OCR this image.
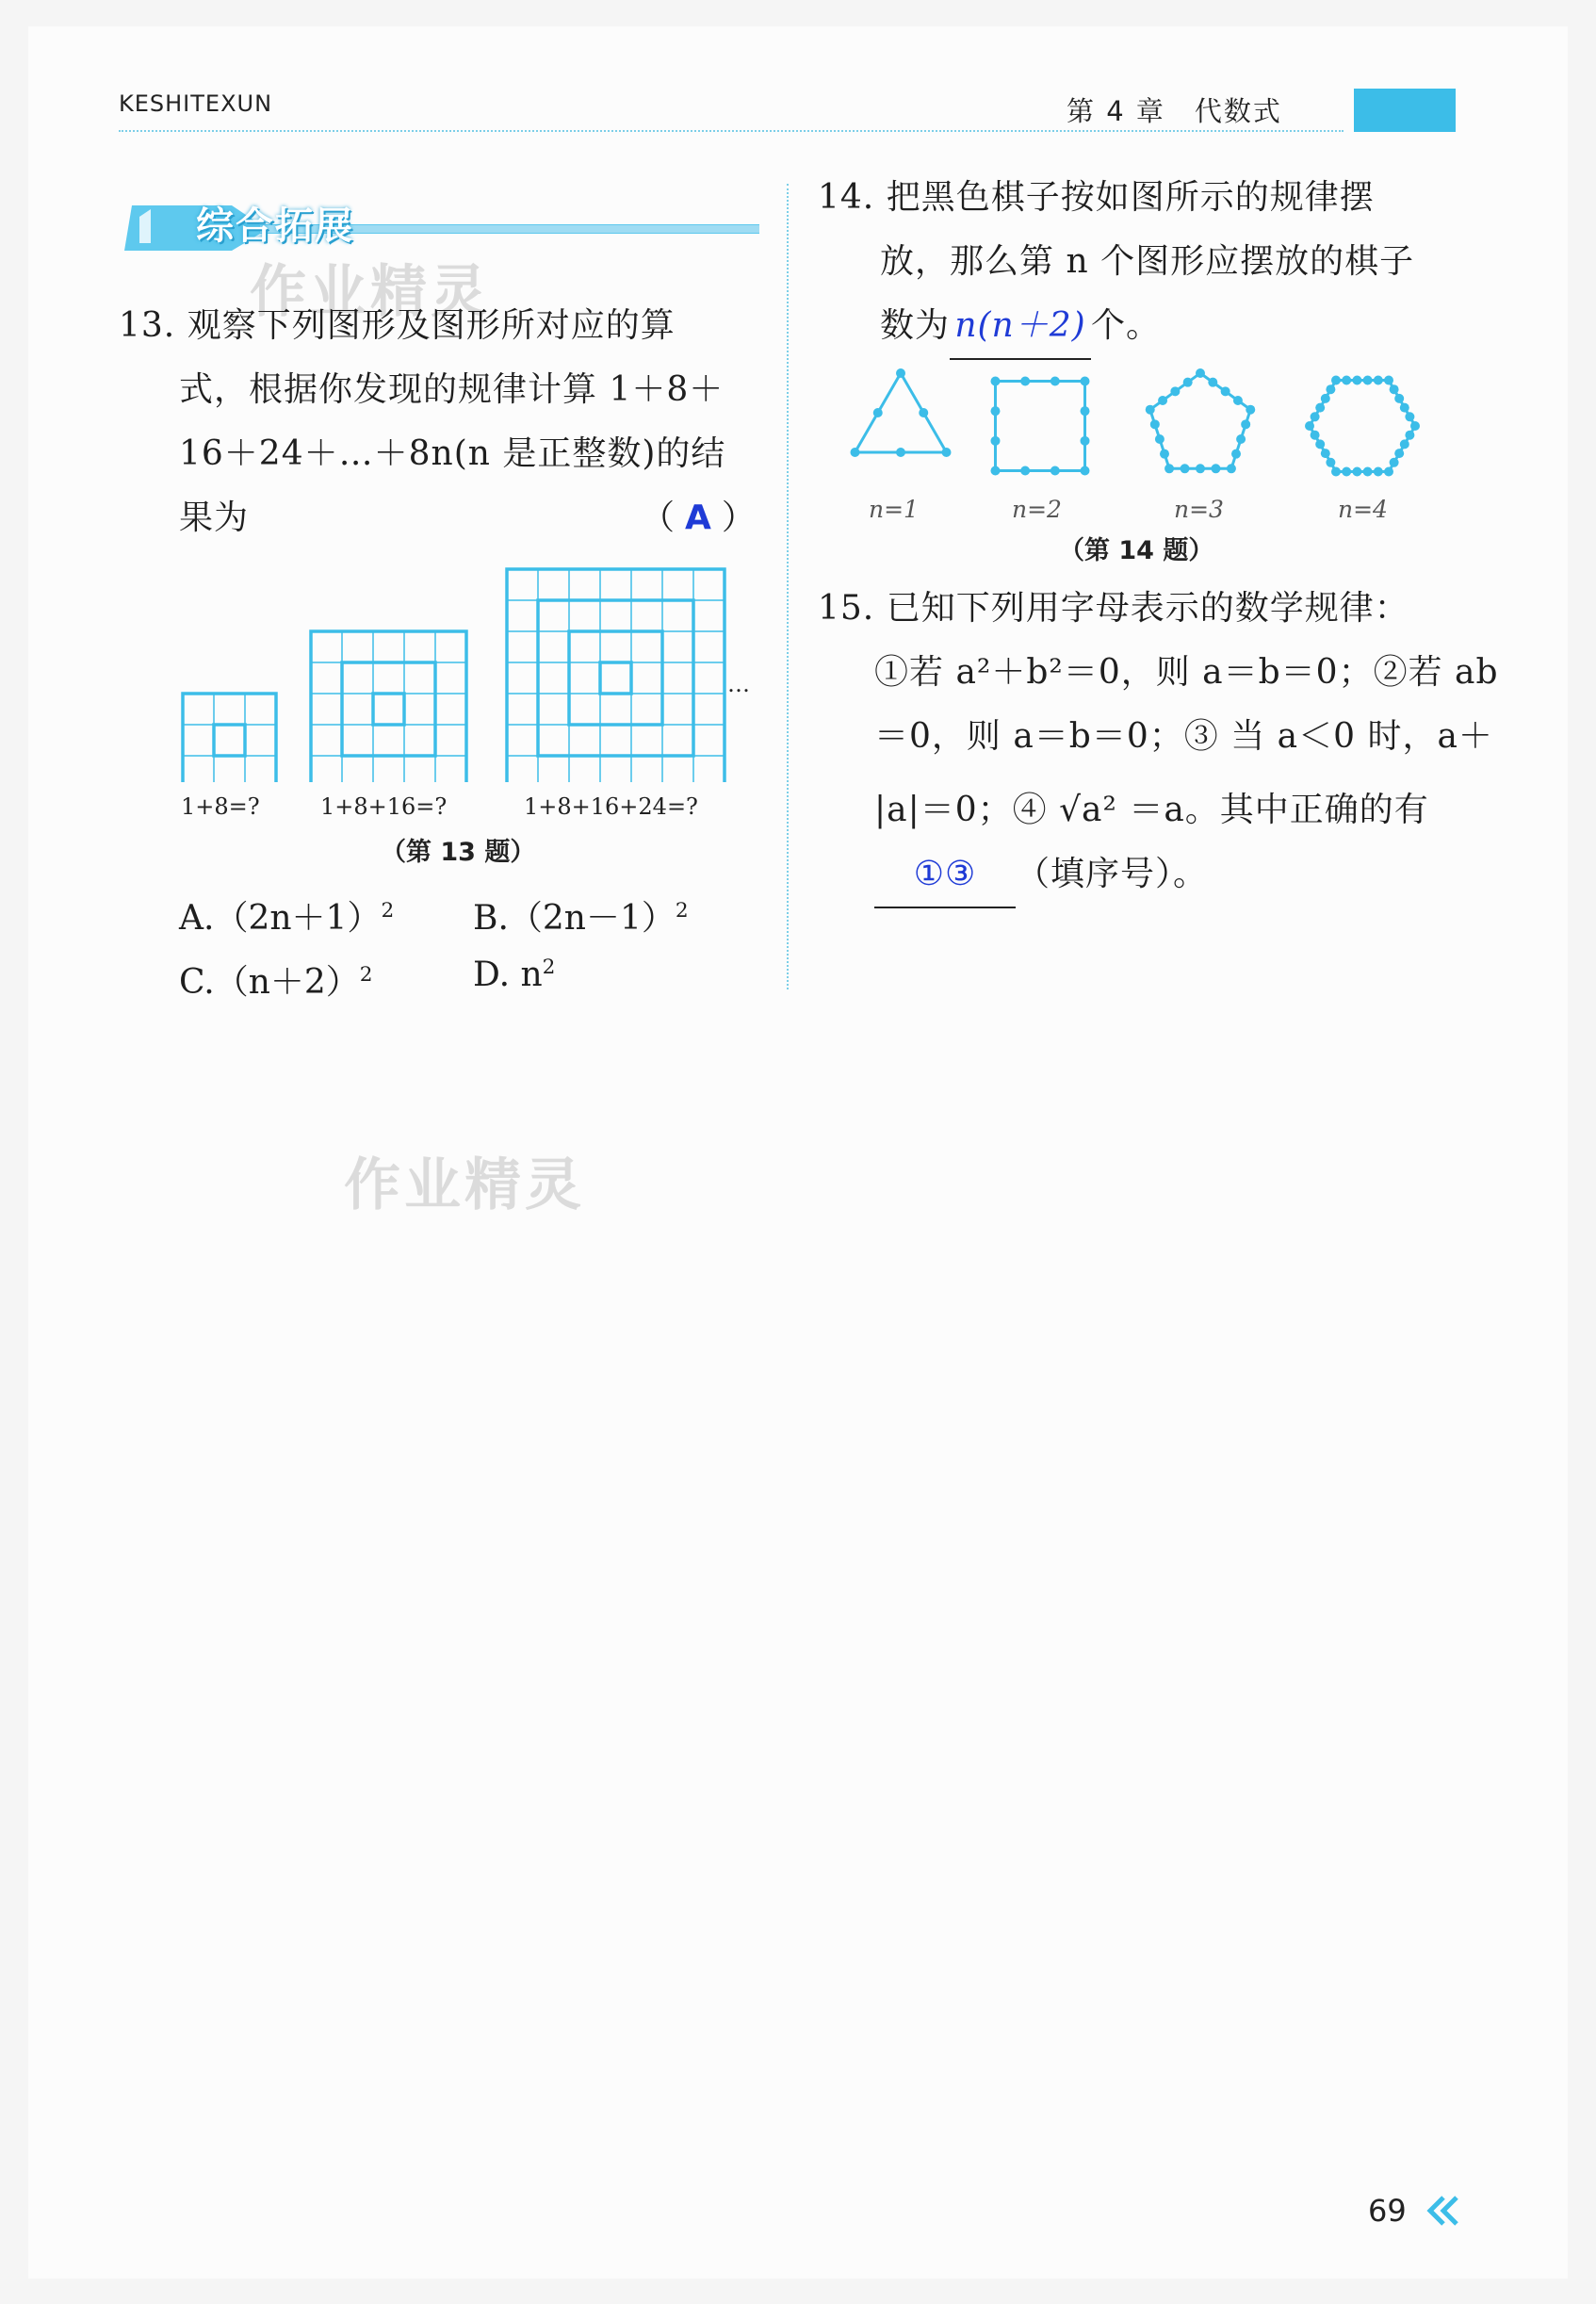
KESHITEXUN	第 4 章　代数式
综合拓展
作业精灵
13. 观察下列图形及图形所对应的算
式，根据你发现的规律计算 1＋8＋
16＋24＋…＋8n(n 是正整数)的结
果为	（ A ）
1+8=?	1+8+16=?	1+8+16+24=?
…
（第 13 题）
$A.(2n+1)^2$ $B.(2n-1)^2$
$C.(n+2)^2$	D. $n^2$
14. 把黑色棋子按如图所示的规律摆
放，那么第 n 个图形应摆放的棋子
数为 n(n＋2) 个。
n=1	n=2	n=3	n=4
（第 14 题）
15. 已知下列用字母表示的数学规律：
①若 a²＋b²＝0，则 a＝b＝0；②若 ab
＝0，则 a＝b＝0；③ 当 a＜0 时，a＋
|a|＝0；④ √a² ＝a。其中正确的有
①③ （填序号）。
作业精灵
69
